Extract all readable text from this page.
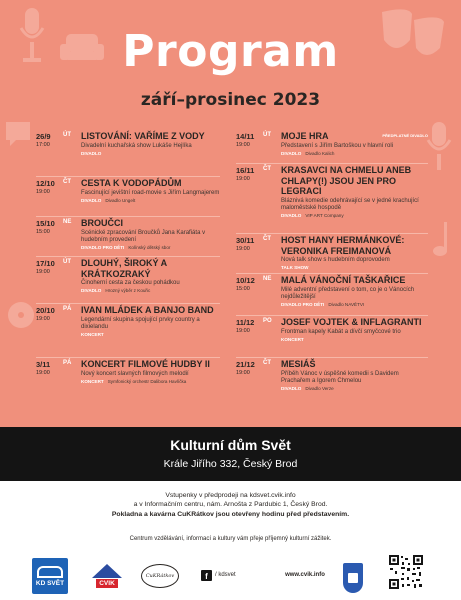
Program
září–prosinec 2023
26/9	ÚT
17:00
LISTOVÁNÍ: VAŘÍME Z VODY
Divadelní kuchařská show Lukáše Hejlíka
DIVADLO
12/10	ČT
19:00
CESTA K VODOPÁDŮM
Fascinující jevištní road-movie s Jiřím Langmajerem
DIVADLO Divadlo Ungelt
15/10	NE
15:00
BROUČCI
Scénické zpracování Broučků Jana Karafiáta v hudebním provedení
DIVADLO PRO DĚTI Kolínský dětský sbor
17/10	ÚT
19:00
DLOUHÝ, ŠIROKÝ A KRÁTKOZRAKÝ
Činoherní cesta za českou pohádkou
DIVADLO Hrozný výběr z Kouřic
20/10	PÁ
19:00
IVAN MLÁDEK A BANJO BAND
Legendární skupina spojující prvky country a dixielandu
KONCERT
3/11	PÁ
19:00
KONCERT FILMOVÉ HUDBY II
Nový koncert slavných filmových melodií
KONCERT Symfonický orchestr Dalibora Havlíčka
14/11	ÚT
19:00
PŘEDPLATNÉ DIVADLO
MOJE HRA
Představení s Jiřím Bartoškou v hlavní roli
DIVADLO Divadlo Kalich
16/11	ČT
19:00
KRASAVCI NA CHMELU ANEB CHLAPY(!) JSOU JEN PRO LEGRACI
Bláznivá komedie odehrávající se v jedné krachující maloměstské hospodě
DIVADLO VIP ART Company
30/11	ČT
19:00
HOST HANY HERMÁNKOVÉ: VERONIKA FREIMANOVÁ
Nová talk show s hudebním doprovodem
TALK SHOW
10/12	NE
15:00
MALÁ VÁNOČNÍ TAŠKAŘICE
Milé adventní představení o tom, co je o Vánocích nejdůležitější
DIVADLO PRO DĚTI Divadlo NAVĚTVI
11/12	PO
19:00
JOSEF VOJTEK & INFLAGRANTI
Frontman kapely Kabát a dívčí smyčcové trio
KONCERT
21/12	ČT
19:00
MESIÁŠ
Příběh Vánoc v úspěšné komedii s Davidem Prachařem a Igorem Chmelou
DIVADLO Divadlo Verze
Kulturní dům Svět
Krále Jiřího 332, Český Brod
Vstupenky v předprodeji na kdsvet.cvik.info
a v Informačním centru, nám. Arnošta z Pardubic 1, Český Brod.
Pokladna a kavárna CuKRátkov jsou otevřeny hodinu před představením.
Centrum vzdělávání, informací a kultury vám přeje příjemný kulturní zážitek.
KD SVĚT	CVIK
CuKRátkov	f	/ kdsvet	www.cvik.info
